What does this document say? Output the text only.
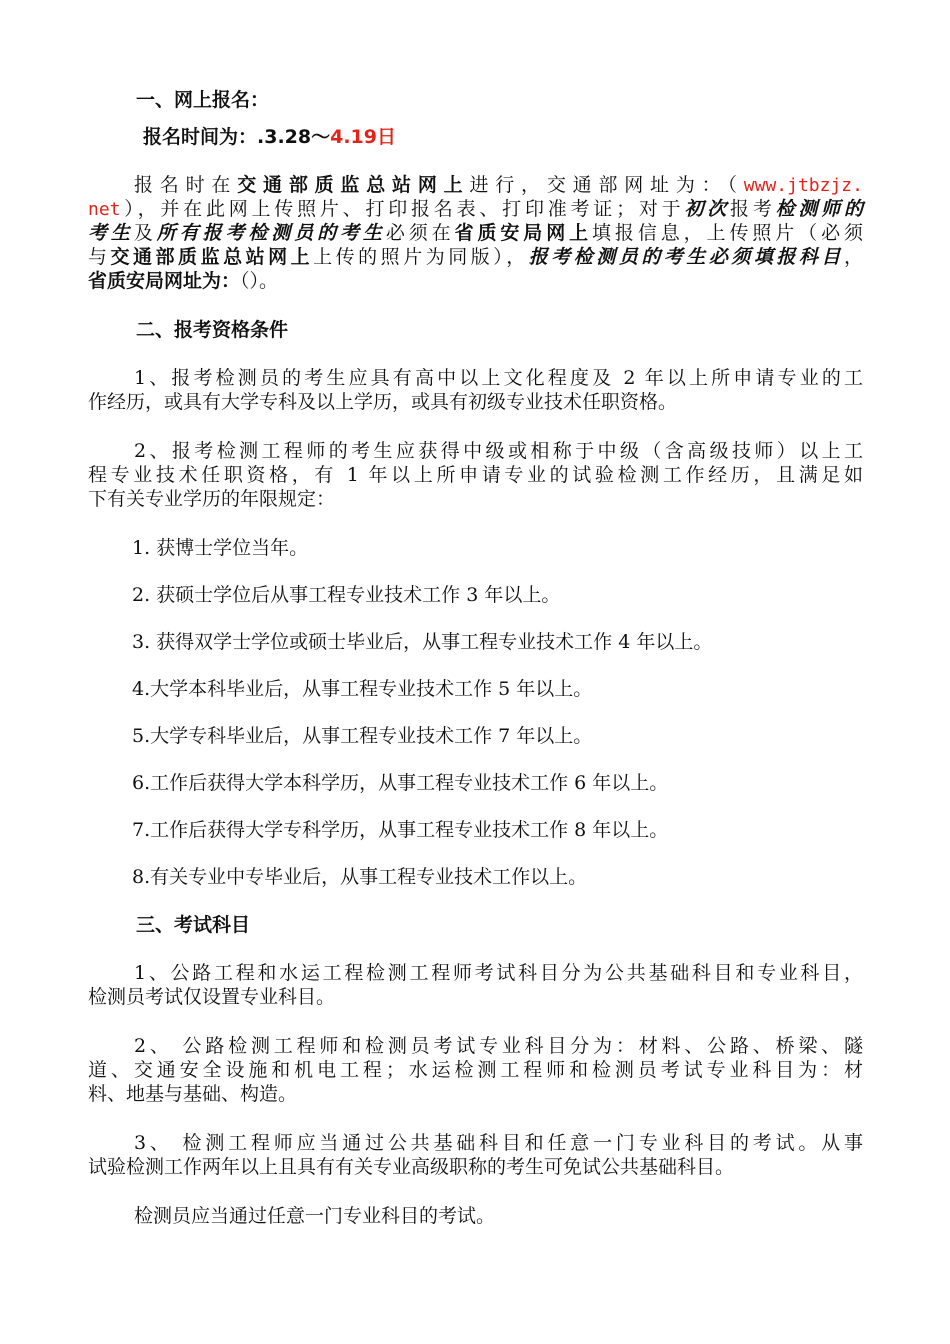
一、网上报名：
报名时间为：.3.28～4.19日
报名时在交通部质监总站网上进行，交通部网址为：（www.jtbzjz.
net），并在此网上传照片、打印报名表、打印准考证；对于初次报考检测师的
考生及所有报考检测员的考生必须在省质安局网上填报信息，上传照片（必须
与交通部质监总站网上上传的照片为同版），报考检测员的考生必须填报科目，
省质安局网址为：（）。
二、报考资格条件
1、报考检测员的考生应具有高中以上文化程度及 2 年以上所申请专业的工
作经历，或具有大学专科及以上学历，或具有初级专业技术任职资格。
2、报考检测工程师的考生应获得中级或相称于中级（含高级技师）以上工
程专业技术任职资格，有 1 年以上所申请专业的试验检测工作经历，且满足如
下有关专业学历的年限规定：
1. 获博士学位当年。
2. 获硕士学位后从事工程专业技术工作 3 年以上。
3. 获得双学士学位或硕士毕业后，从事工程专业技术工作 4 年以上。
4.大学本科毕业后，从事工程专业技术工作 5 年以上。
5.大学专科毕业后，从事工程专业技术工作 7 年以上。
6.工作后获得大学本科学历，从事工程专业技术工作 6 年以上。
7.工作后获得大学专科学历，从事工程专业技术工作 8 年以上。
8.有关专业中专毕业后，从事工程专业技术工作以上。
三、考试科目
1、公路工程和水运工程检测工程师考试科目分为公共基础科目和专业科目，
检测员考试仅设置专业科目。
2、 公路检测工程师和检测员考试专业科目分为：材料、公路、桥梁、隧
道、交通安全设施和机电工程；水运检测工程师和检测员考试专业科目为：材
料、地基与基础、构造。
3、 检测工程师应当通过公共基础科目和任意一门专业科目的考试。从事
试验检测工作两年以上且具有有关专业高级职称的考生可免试公共基础科目。
检测员应当通过任意一门专业科目的考试。
